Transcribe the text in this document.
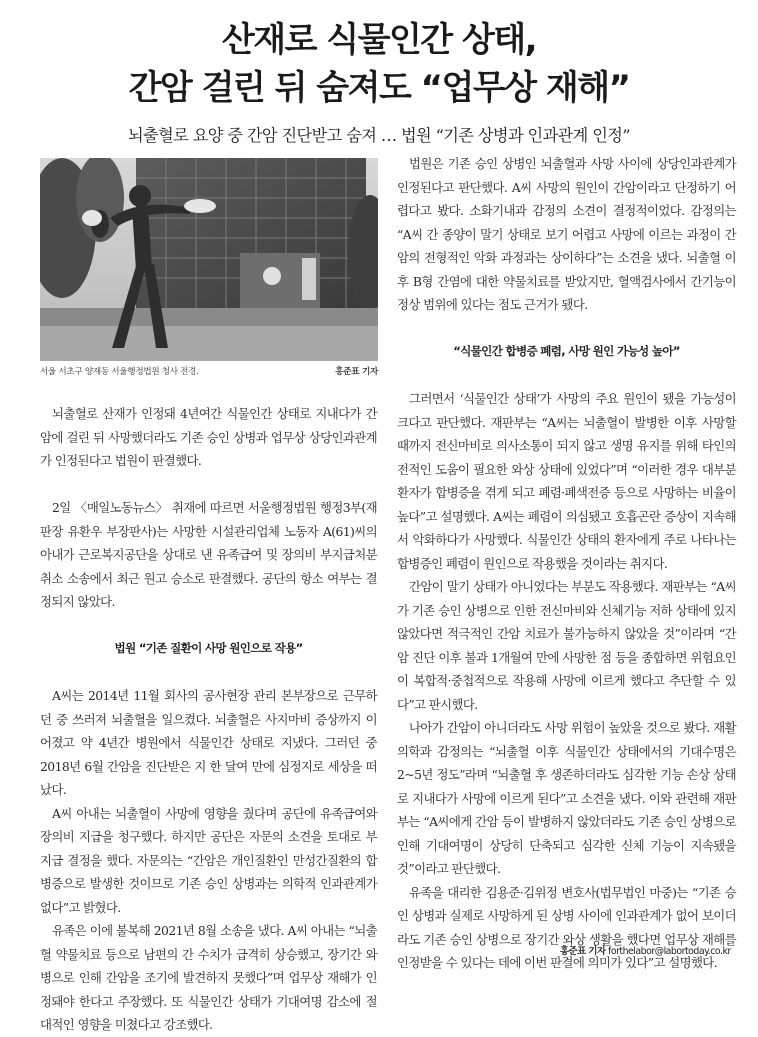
산재로 식물인간 상태,
간암 걸린 뒤 숨져도 “업무상 재해”
뇌출혈로 요양 중 간암 진단받고 숨져 … 법원 “기존 상병과 인과관계 인정”
서울 서초구 양재동 서울행정법원 청사 전경.	홍준표 기자

뇌출혈로 산재가 인정돼 4년여간 식물인간 상태로 지내다가 간암에 걸린 뒤 사망했더라도 기존 승인 상병과 업무상 상당인과관계가 인정된다고 법원이 판결했다.

2일 〈매일노동뉴스〉 취재에 따르면 서울행정법원 행정3부(재판장 유환우 부장판사)는 사망한 시설관리업체 노동자 A(61)씨의 아내가 근로복지공단을 상대로 낸 유족급여 및 장의비 부지급처분취소 소송에서 최근 원고 승소로 판결했다. 공단의 항소 여부는 결정되지 않았다.

법원 “기존 질환이 사망 원인으로 작용”

A씨는 2014년 11월 회사의 공사현장 관리 본부장으로 근무하던 중 쓰러져 뇌출혈을 일으켰다. 뇌출혈은 사지마비 증상까지 이어졌고 약 4년간 병원에서 식물인간 상태로 지냈다. 그러던 중 2018년 6월 간암을 진단받은 지 한 달여 만에 심정지로 세상을 떠났다.

A씨 아내는 뇌출혈이 사망에 영향을 줬다며 공단에 유족급여와 장의비 지급을 청구했다. 하지만 공단은 자문의 소견을 토대로 부지급 결정을 했다. 자문의는 “간암은 개인질환인 만성간질환의 합병증으로 발생한 것이므로 기존 승인 상병과는 의학적 인과관계가 없다”고 밝혔다.

유족은 이에 불복해 2021년 8월 소송을 냈다. A씨 아내는 “뇌출혈 약물치료 등으로 남편의 간 수치가 급격히 상승했고, 장기간 와병으로 인해 간암을 조기에 발견하지 못했다”며 업무상 재해가 인정돼야 한다고 주장했다. 또 식물인간 상태가 기대여명 감소에 절대적인 영향을 미쳤다고 강조했다.

법원은 기존 승인 상병인 뇌출혈과 사망 사이에 상당인과관계가 인정된다고 판단했다. A씨 사망의 원인이 간암이라고 단정하기 어렵다고 봤다. 소화기내과 감정의 소견이 결정적이었다. 감정의는 “A씨 간 종양이 말기 상태로 보기 어렵고 사망에 이르는 과정이 간암의 전형적인 악화 과정과는 상이하다”는 소견을 냈다. 뇌출혈 이후 B형 간염에 대한 약물치료를 받았지만, 혈액검사에서 간기능이 정상 범위에 있다는 점도 근거가 됐다.

“식물인간 합병증 폐렴, 사망 원인 가능성 높아”

그러면서 ‘식물인간 상태’가 사망의 주요 원인이 됐을 가능성이 크다고 판단했다. 재판부는 “A씨는 뇌출혈이 발병한 이후 사망할 때까지 전신마비로 의사소통이 되지 않고 생명 유지를 위해 타인의 전적인 도움이 필요한 와상 상태에 있었다”며 “이러한 경우 대부분 환자가 합병증을 겪게 되고 폐렴·폐색전증 등으로 사망하는 비율이 높다”고 설명했다. A씨는 폐렴이 의심됐고 호흡곤란 증상이 지속해서 악화하다가 사망했다. 식물인간 상태의 환자에게 주로 나타나는 합병증인 폐렴이 원인으로 작용했을 것이라는 취지다.

간암이 말기 상태가 아니었다는 부분도 작용했다. 재판부는 “A씨가 기존 승인 상병으로 인한 전신마비와 신체기능 저하 상태에 있지 않았다면 적극적인 간암 치료가 불가능하지 않았을 것”이라며 “간암 진단 이후 불과 1개월여 만에 사망한 점 등을 종합하면 위험요인이 복합적·중첩적으로 작용해 사망에 이르게 했다고 추단할 수 있다”고 판시했다.

나아가 간암이 아니더라도 사망 위험이 높았을 것으로 봤다. 재활의학과 감정의는 “뇌출혈 이후 식물인간 상태에서의 기대수명은 2~5년 정도”라며 “뇌출혈 후 생존하더라도 심각한 기능 손상 상태로 지내다가 사망에 이르게 된다”고 소견을 냈다. 이와 관련해 재판부는 “A씨에게 간암 등이 발병하지 않았더라도 기존 승인 상병으로 인해 기대여명이 상당히 단축되고 심각한 신체 기능이 지속됐을 것”이라고 판단했다.

유족을 대리한 김용준·김위정 변호사(법무법인 마중)는 “기존 승인 상병과 실제로 사망하게 된 상병 사이에 인과관계가 없어 보이더라도 기존 승인 상병으로 장기간 와상 생활을 했다면 업무상 재해를 인정받을 수 있다는 데에 이번 판결에 의미가 있다”고 설명했다.

홍준표 기자 forthelabor@labortoday.co.kr
